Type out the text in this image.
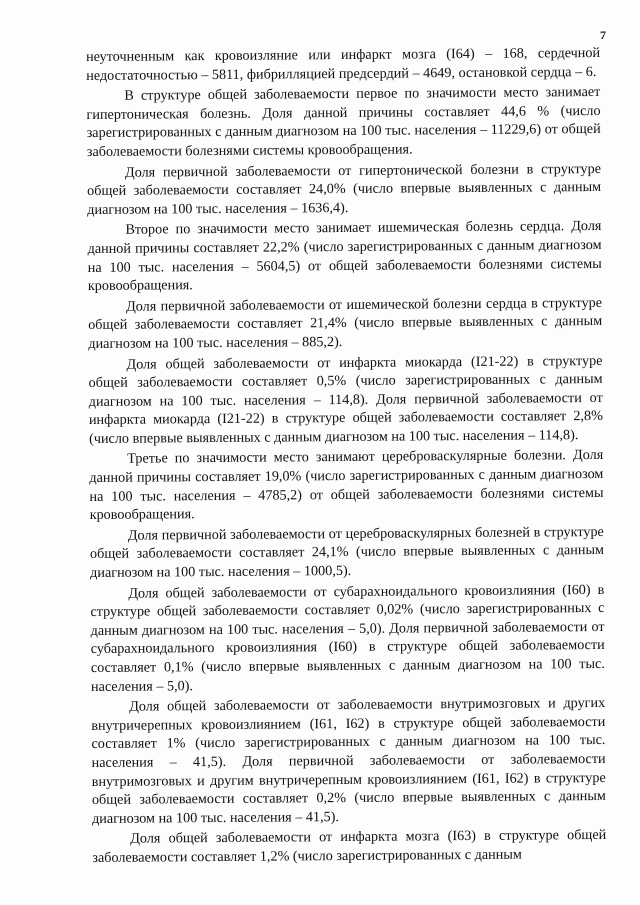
7

неуточненным как кровоизляние или инфаркт мозга (I64) – 168, сердечной недостаточностью – 5811, фибрилляцией предсердий – 4649, остановкой сердца – 6.

В структуре общей заболеваемости первое по значимости место занимает гипертоническая болезнь. Доля данной причины составляет 44,6 % (число зарегистрированных с данным диагнозом на 100 тыс. населения – 11229,6) от общей заболеваемости болезнями системы кровообращения.

Доля первичной заболеваемости от гипертонической болезни в структуре общей заболеваемости составляет 24,0% (число впервые выявленных с данным диагнозом на 100 тыс. населения – 1636,4).

Второе по значимости место занимает ишемическая болезнь сердца. Доля данной причины составляет 22,2% (число зарегистрированных с данным диагнозом на 100 тыс. населения – 5604,5) от общей заболеваемости болезнями системы кровообращения.

Доля первичной заболеваемости от ишемической болезни сердца в структуре общей заболеваемости составляет 21,4% (число впервые выявленных с данным диагнозом на 100 тыс. населения – 885,2).

Доля общей заболеваемости от инфаркта миокарда (I21-22) в структуре общей заболеваемости составляет 0,5% (число зарегистрированных с данным диагнозом на 100 тыс. населения – 114,8). Доля первичной заболеваемости от инфаркта миокарда (I21-22) в структуре общей заболеваемости составляет 2,8% (число впервые выявленных с данным диагнозом на 100 тыс. населения – 114,8).

Третье по значимости место занимают цереброваскулярные болезни. Доля данной причины составляет 19,0% (число зарегистрированных с данным диагнозом на 100 тыс. населения – 4785,2) от общей заболеваемости болезнями системы кровообращения.

Доля первичной заболеваемости от цереброваскулярных болезней в структуре общей заболеваемости составляет 24,1% (число впервые выявленных с данным диагнозом на 100 тыс. населения – 1000,5).

Доля общей заболеваемости от субарахноидального кровоизлияния (I60) в структуре общей заболеваемости составляет 0,02% (число зарегистрированных с данным диагнозом на 100 тыс. населения – 5,0). Доля первичной заболеваемости от субарахноидального кровоизлияния (I60) в структуре общей заболеваемости составляет 0,1% (число впервые выявленных с данным диагнозом на 100 тыс. населения – 5,0).

Доля общей заболеваемости от заболеваемости внутримозговых и других внутричерепных кровоизлиянием (I61, I62) в структуре общей заболеваемости составляет 1% (число зарегистрированных с данным диагнозом на 100 тыс. населения – 41,5). Доля первичной заболеваемости от заболеваемости внутримозговых и другим внутричерепным кровоизлиянием (I61, I62) в структуре общей заболеваемости составляет 0,2% (число впервые выявленных с данным диагнозом на 100 тыс. населения – 41,5).

Доля общей заболеваемости от инфаркта мозга (I63) в структуре общей заболеваемости составляет 1,2% (число зарегистрированных с данным
